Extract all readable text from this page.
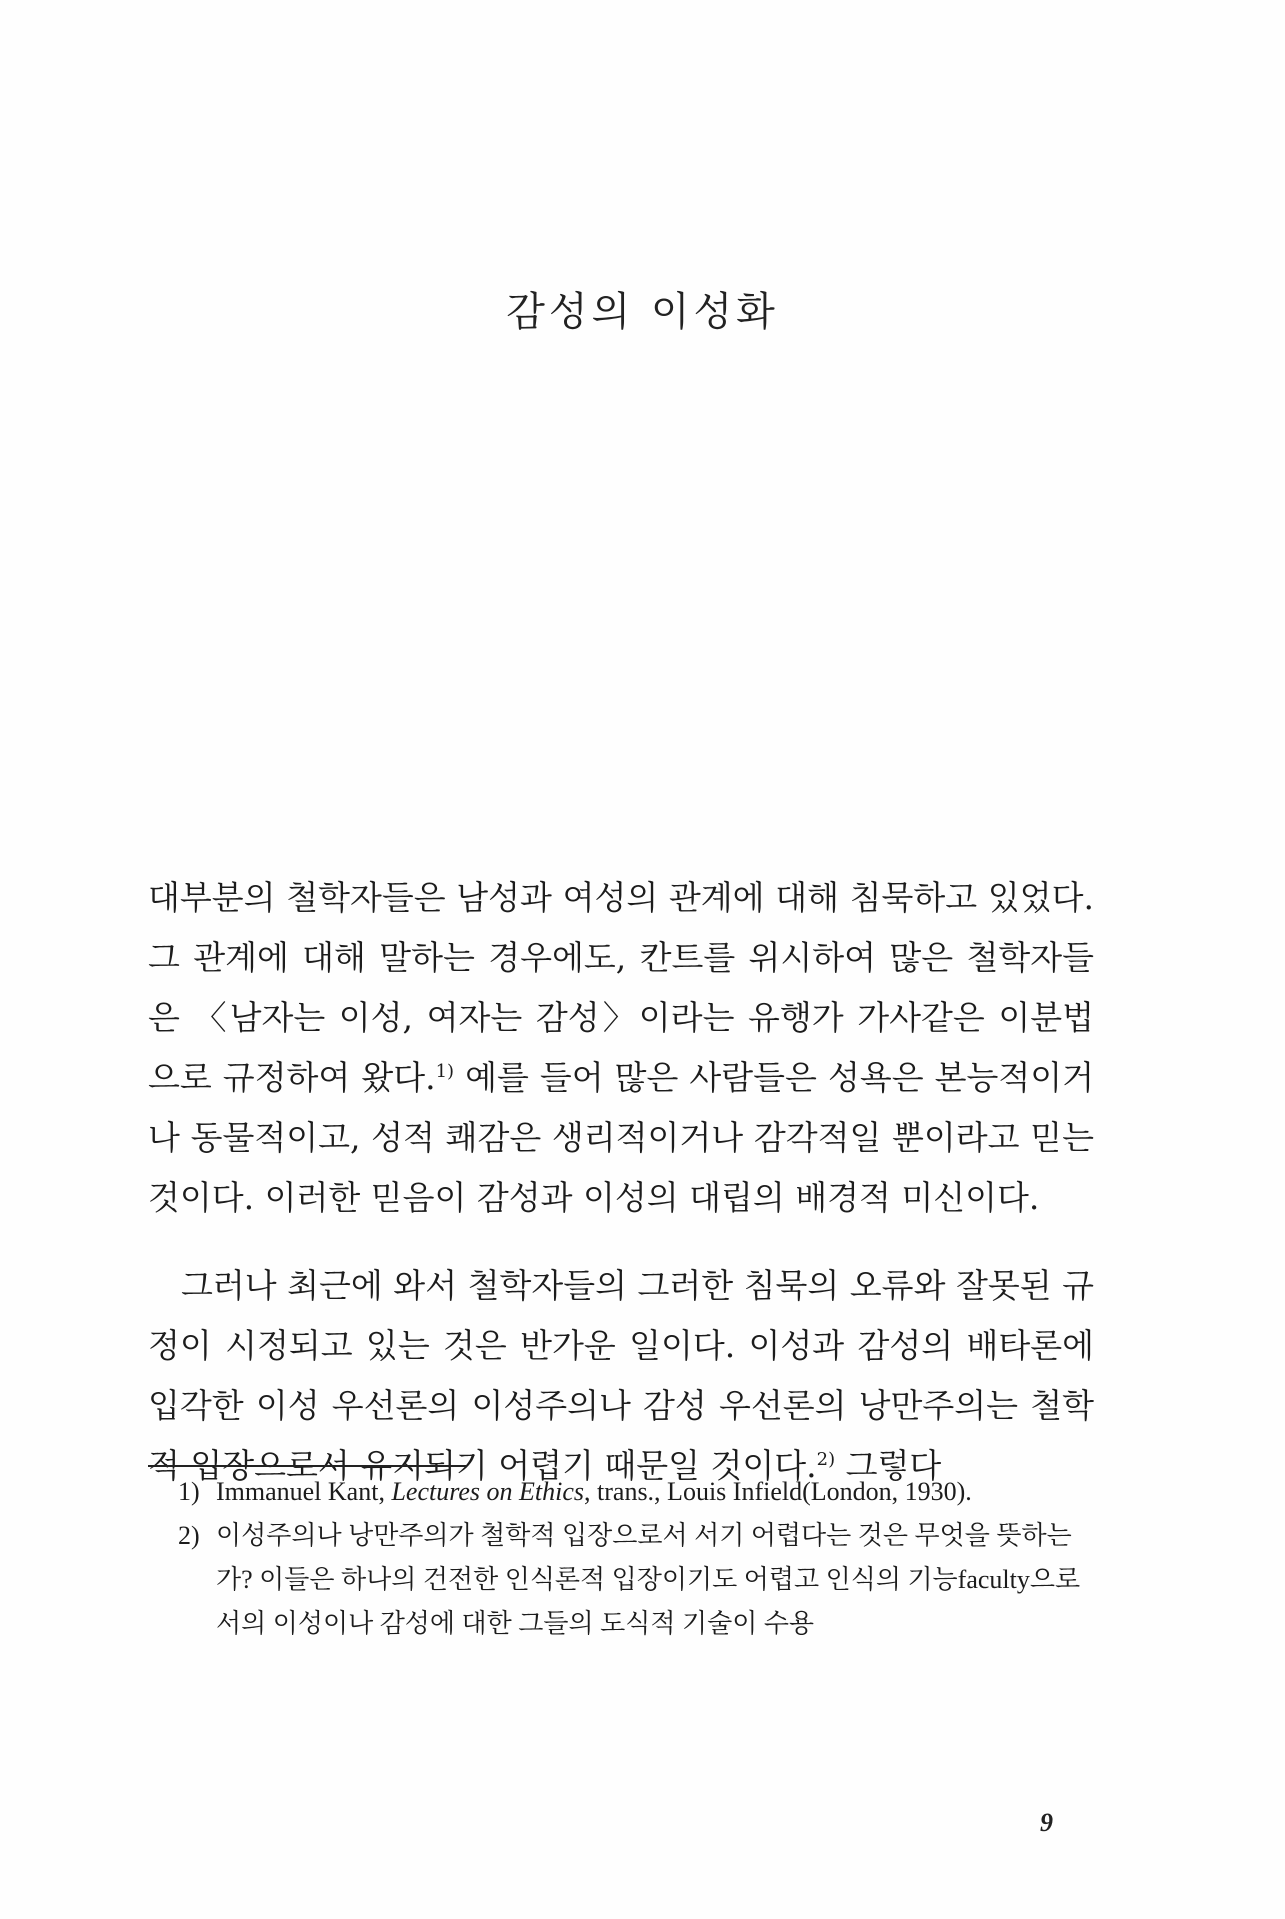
감성의 이성화

대부분의 철학자들은 남성과 여성의 관계에 대해 침묵하고 있었다. 그 관계에 대해 말하는 경우에도, 칸트를 위시하여 많은 철학자들은 〈남자는 이성, 여자는 감성〉이라는 유행가 가사같은 이분법으로 규정하여 왔다.$^{1)}$ 예를 들어 많은 사람들은 성욕은 본능적이거나 동물적이고, 성적 쾌감은 생리적이거나 감각적일 뿐이라고 믿는 것이다. 이러한 믿음이 감성과 이성의 대립의 배경적 미신이다.

그러나 최근에 와서 철학자들의 그러한 침묵의 오류와 잘못된 규정이 시정되고 있는 것은 반가운 일이다. 이성과 감성의 배타론에 입각한 이성 우선론의 이성주의나 감성 우선론의 낭만주의는 철학적 입장으로서 유지되기 어렵기 때문일 것이다.$^{2)}$ 그렇다

1) Immanuel Kant, Lectures on Ethics, trans., Louis Infield(London, 1930).
2) 이성주의나 낭만주의가 철학적 입장으로서 서기 어렵다는 것은 무엇을 뜻하는가? 이들은 하나의 건전한 인식론적 입장이기도 어렵고 인식의 기능faculty으로서의 이성이나 감성에 대한 그들의 도식적 기술이 수용
9
